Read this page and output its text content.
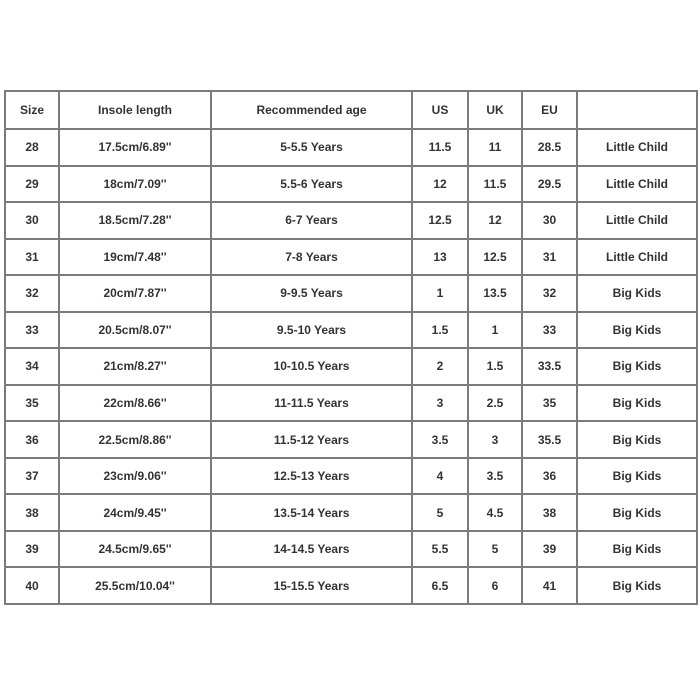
Size	Insole length	Recommended age	US	UK	EU	
28	17.5cm/6.89''	5-5.5 Years	11.5	11	28.5	Little Child
29	18cm/7.09''	5.5-6 Years	12	11.5	29.5	Little Child
30	18.5cm/7.28''	6-7 Years	12.5	12	30	Little Child
31	19cm/7.48''	7-8 Years	13	12.5	31	Little Child
32	20cm/7.87''	9-9.5 Years	1	13.5	32	Big Kids
33	20.5cm/8.07''	9.5-10 Years	1.5	1	33	Big Kids
34	21cm/8.27''	10-10.5 Years	2	1.5	33.5	Big Kids
35	22cm/8.66''	11-11.5 Years	3	2.5	35	Big Kids
36	22.5cm/8.86''	11.5-12 Years	3.5	3	35.5	Big Kids
37	23cm/9.06''	12.5-13 Years	4	3.5	36	Big Kids
38	24cm/9.45''	13.5-14 Years	5	4.5	38	Big Kids
39	24.5cm/9.65''	14-14.5 Years	5.5	5	39	Big Kids
40	25.5cm/10.04''	15-15.5 Years	6.5	6	41	Big Kids
